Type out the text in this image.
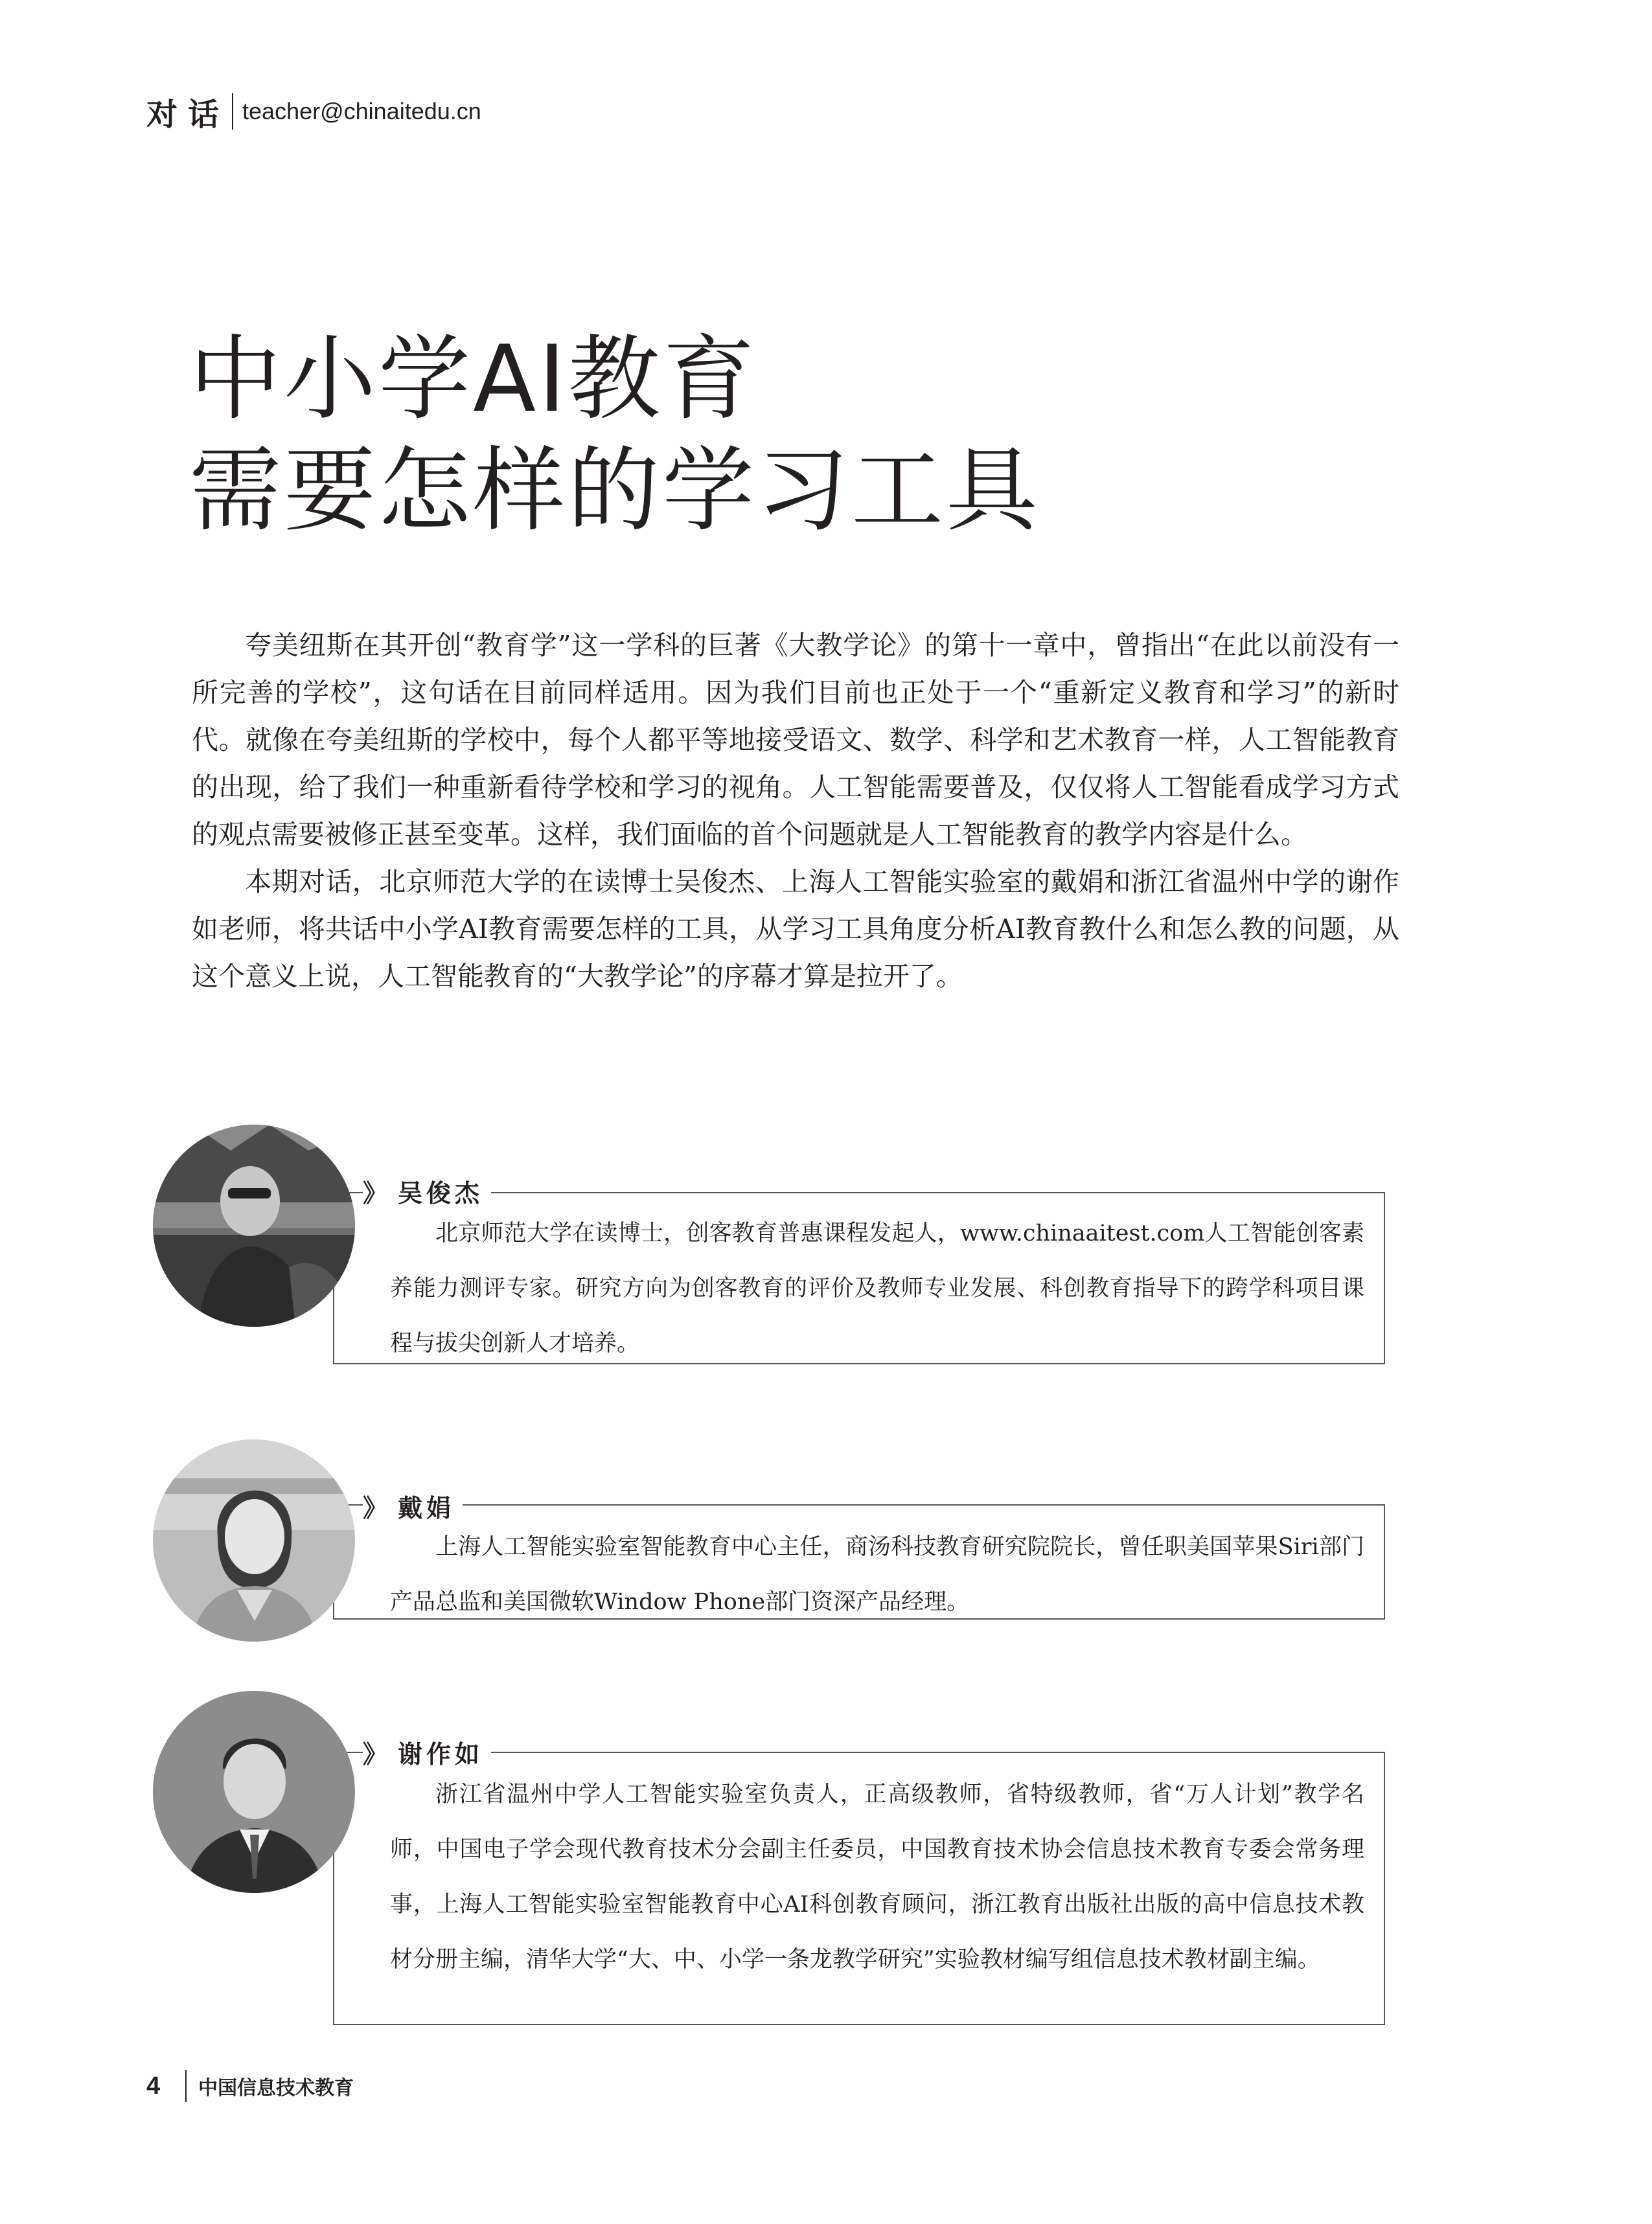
对话 teacher@chinaitedu.cn
中小学AI教育
需要怎样的学习工具

夸美纽斯在其开创“教育学”这一学科的巨著《大教学论》的第十一章中，曾指出“在此以前没有一所完善的学校”，这句话在目前同样适用。因为我们目前也正处于一个“重新定义教育和学习”的新时代。就像在夸美纽斯的学校中，每个人都平等地接受语文、数学、科学和艺术教育一样，人工智能教育的出现，给了我们一种重新看待学校和学习的视角。人工智能需要普及，仅仅将人工智能看成学习方式的观点需要被修正甚至变革。这样，我们面临的首个问题就是人工智能教育的教学内容是什么。

本期对话，北京师范大学的在读博士吴俊杰、上海人工智能实验室的戴娟和浙江省温州中学的谢作如老师，将共话中小学AI教育需要怎样的工具，从学习工具角度分析AI教育教什么和怎么教的问题，从这个意义上说，人工智能教育的“大教学论”的序幕才算是拉开了。

》 吴俊杰

北京师范大学在读博士，创客教育普惠课程发起人，www.chinaaitest.com人工智能创客素养能力测评专家。研究方向为创客教育的评价及教师专业发展、科创教育指导下的跨学科项目课程与拔尖创新人才培养。

》 戴娟

上海人工智能实验室智能教育中心主任，商汤科技教育研究院院长，曾任职美国苹果Siri部门产品总监和美国微软Window Phone部门资深产品经理。

》 谢作如

浙江省温州中学人工智能实验室负责人，正高级教师，省特级教师，省“万人计划”教学名师，中国电子学会现代教育技术分会副主任委员，中国教育技术协会信息技术教育专委会常务理事，上海人工智能实验室智能教育中心AI科创教育顾问，浙江教育出版社出版的高中信息技术教材分册主编，清华大学“大、中、小学一条龙教学研究”实验教材编写组信息技术教材副主编。

4	中国信息技术教育
